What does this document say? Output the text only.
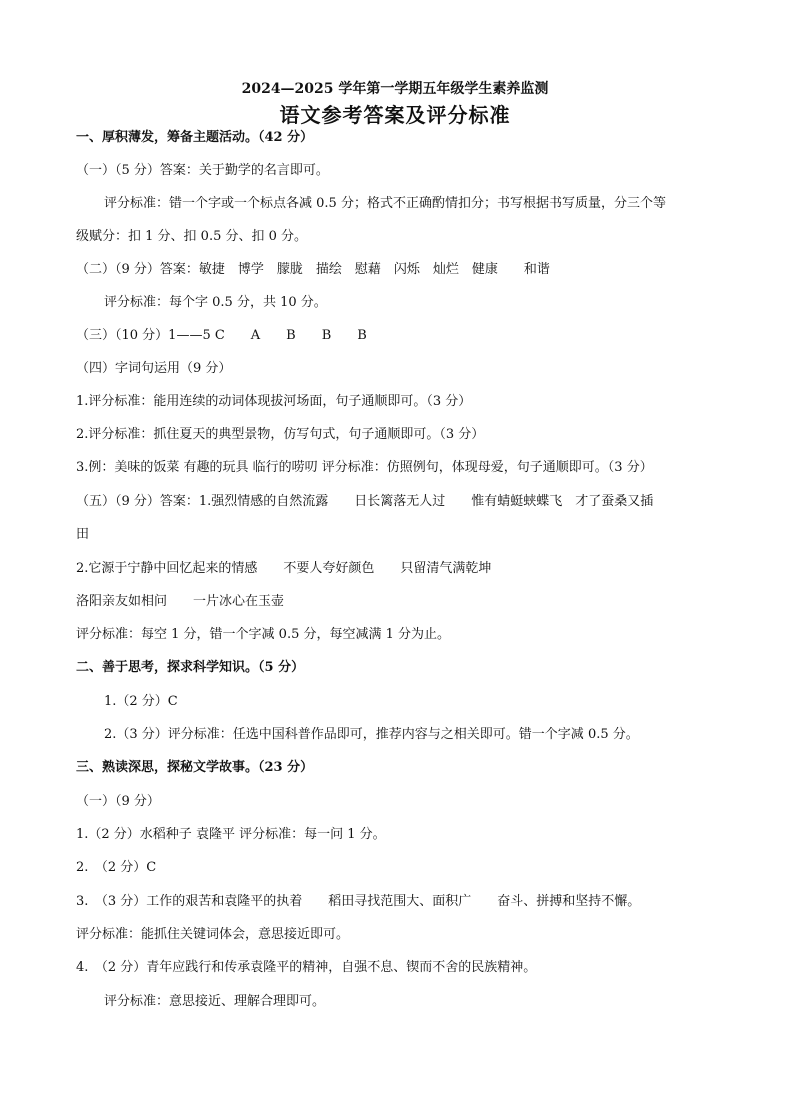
2024—2025 学年第一学期五年级学生素养监测
语文参考答案及评分标准
一、厚积薄发，筹备主题活动。（42 分）
（一）（5 分）答案：关于勤学的名言即可。
评分标准：错一个字或一个标点各减 0.5 分；格式不正确酌情扣分；书写根据书写质量，分三个等
级赋分：扣 1 分、扣 0.5 分、扣 0 分。
（二）（9 分）答案：敏捷　博学　朦胧　描绘　慰藉　闪烁　灿烂　健康　　和谐
评分标准：每个字 0.5 分，共 10 分。
（三）（10 分）1——5 C　　A　　B　　B　　B
（四）字词句运用（9 分）
1.评分标准：能用连续的动词体现拔河场面，句子通顺即可。（3 分）
2.评分标准：抓住夏天的典型景物，仿写句式，句子通顺即可。（3 分）
3.例：美味的饭菜 有趣的玩具 临行的唠叨 评分标准：仿照例句，体现母爱，句子通顺即可。（3 分）
（五）（9 分）答案：1.强烈情感的自然流露　　日长篱落无人过　　惟有蜻蜓蛱蝶飞　才了蚕桑又插
田
2.它源于宁静中回忆起来的情感　　不要人夸好颜色　　只留清气满乾坤
洛阳亲友如相问　　一片冰心在玉壶
评分标准：每空 1 分，错一个字减 0.5 分，每空减满 1 分为止。
二、善于思考，探求科学知识。（5 分）
1.（2 分）C
2.（3 分）评分标准：任选中国科普作品即可，推荐内容与之相关即可。错一个字减 0.5 分。
三、熟读深思，探秘文学故事。（23 分）
（一）（9 分）
1.（2 分）水稻种子 袁隆平 评分标准：每一问 1 分。
2.　（2 分）C
3.　（3 分）工作的艰苦和袁隆平的执着　　稻田寻找范围大、面积广　　奋斗、拼搏和坚持不懈。
评分标准：能抓住关键词体会，意思接近即可。
4.　（2 分）青年应践行和传承袁隆平的精神，自强不息、锲而不舍的民族精神。
评分标准：意思接近、理解合理即可。
